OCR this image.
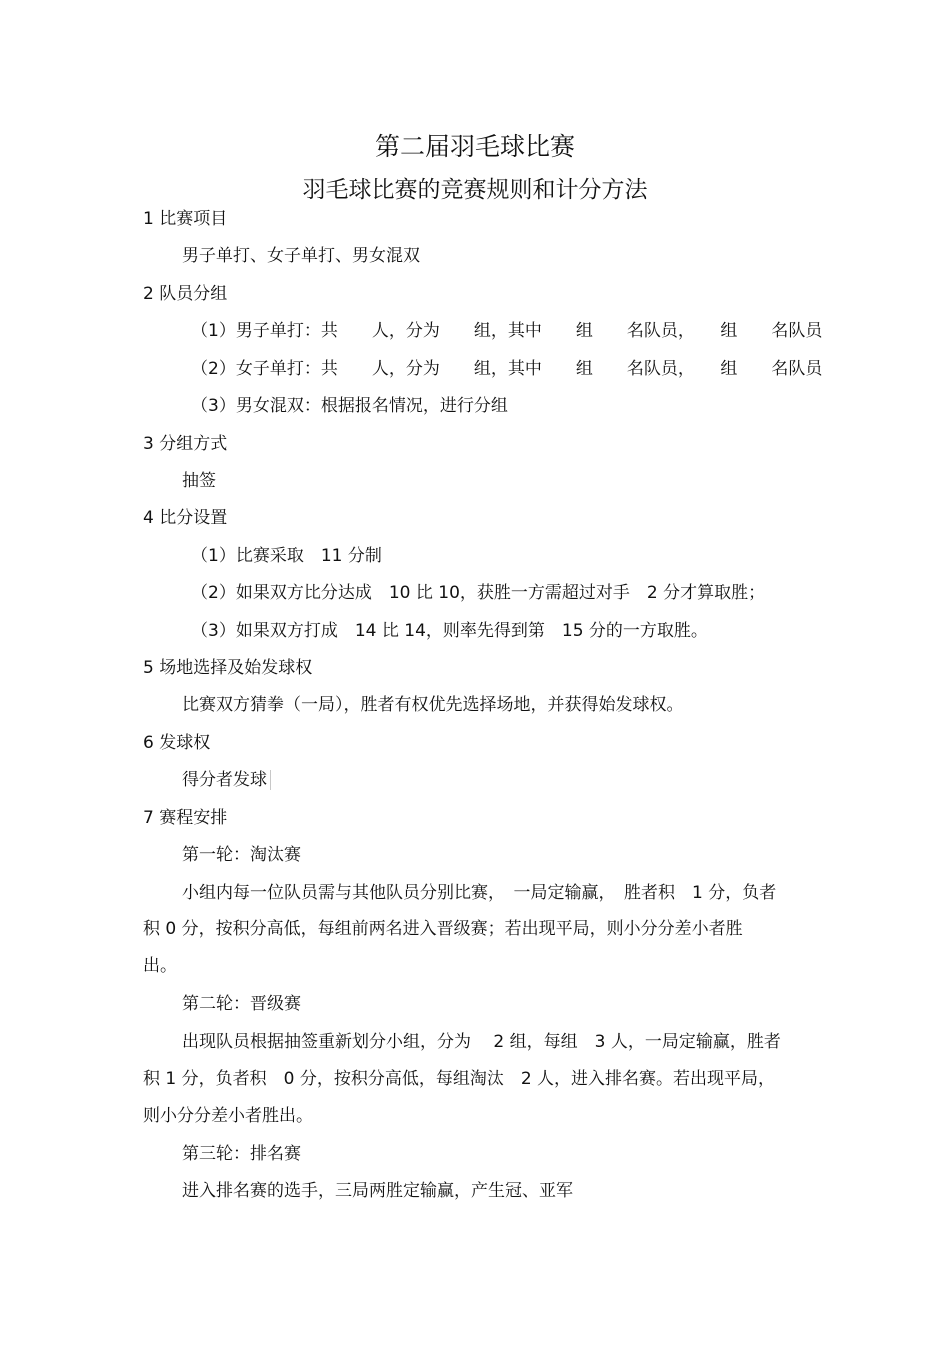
第二届羽毛球比赛
羽毛球比赛的竞赛规则和计分方法
1 比赛项目
男子单打、女子单打、男女混双
2 队员分组
（1）男子单打：共　　人，分为　　组，其中　　组　　名队员，　　组　　名队员
（2）女子单打：共　　人，分为　　组，其中　　组　　名队员，　　组　　名队员
（3）男女混双：根据报名情况，进行分组
3 分组方式
抽签
4 比分设置
（1）比赛采取　11 分制
（2）如果双方比分达成　10 比 10，获胜一方需超过对手　2 分才算取胜；
（3）如果双方打成　14 比 14，则率先得到第　15 分的一方取胜。
5 场地选择及始发球权
比赛双方猜拳（一局），胜者有权优先选择场地，并获得始发球权。
6 发球权
得分者发球
7 赛程安排
第一轮：淘汰赛
小组内每一位队员需与其他队员分别比赛，　一局定输赢，　胜者积　1 分，负者
积 0 分，按积分高低，每组前两名进入晋级赛；若出现平局，则小分分差小者胜
出。
第二轮：晋级赛
出现队员根据抽签重新划分小组，分为　 2 组，每组　3 人，一局定输赢，胜者
积 1 分，负者积　0 分，按积分高低，每组淘汰　2 人，进入排名赛。若出现平局，
则小分分差小者胜出。
第三轮：排名赛
进入排名赛的选手，三局两胜定输赢，产生冠、亚军
